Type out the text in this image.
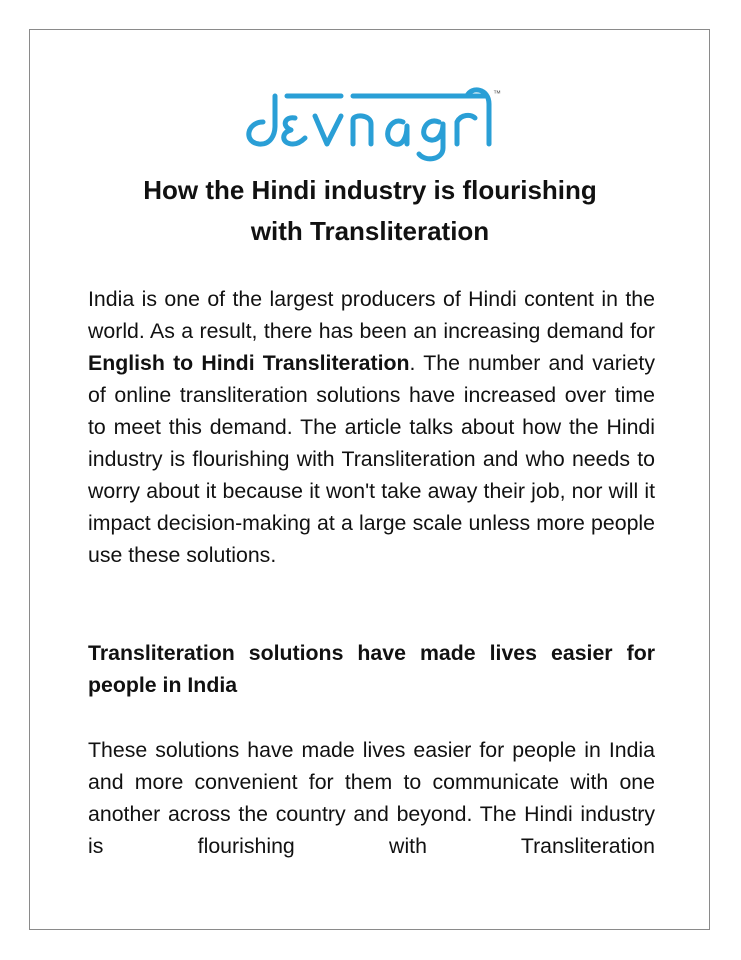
™
How the Hindi industry is flourishing
with Transliteration

India is one of the largest producers of Hindi content in the world. As a result, there has been an increasing demand for English to Hindi Transliteration. The number and variety of online transliteration solutions have increased over time to meet this demand. The article talks about how the Hindi industry is flourishing with Transliteration and who needs to worry about it because it won't take away their job, nor will it impact decision-making at a large scale unless more people use these solutions.

Transliteration solutions have made lives easier for people in India

These solutions have made lives easier for people in India and more convenient for them to communicate with one another across the country and beyond. The Hindi industry is flourishing with Transliteration
